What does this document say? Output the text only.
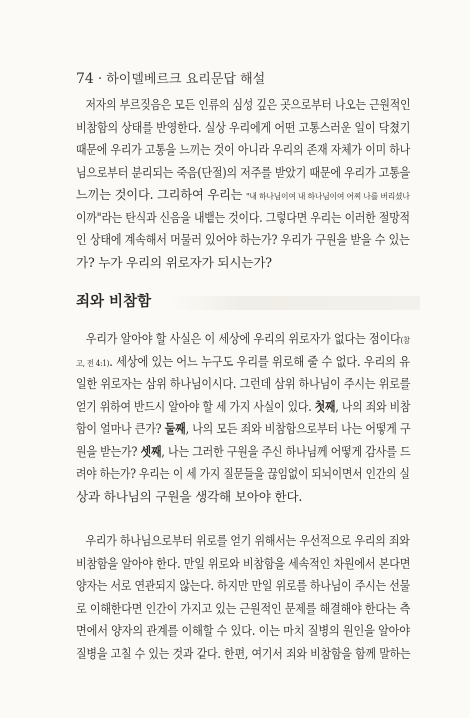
74 · 하이델베르크 요리문답 해설
저자의 부르짖음은 모든 인류의 심성 깊은 곳으로부터 나오는 근원적인
비참함의 상태를 반영한다. 실상 우리에게 어떤 고통스러운 일이 닥쳤기
때문에 우리가 고통을 느끼는 것이 아니라 우리의 존재 자체가 이미 하나
님으로부터 분리되는 죽음(단절)의 저주를 받았기 때문에 우리가 고통을
느끼는 것이다. 그리하여 우리는 "내 하나님이여 내 하나님이여 어찌 나를 버리셨나
이까"라는 탄식과 신음을 내뱉는 것이다. 그렇다면 우리는 이러한 절망적
인 상태에 계속해서 머물러 있어야 하는가? 우리가 구원을 받을 수 있는
가? 누가 우리의 위로자가 되시는가?
죄와 비참함
우리가 알아야 할 사실은 이 세상에 우리의 위로자가 없다는 점이다(참
고, 전 4:1). 세상에 있는 어느 누구도 우리를 위로해 줄 수 없다. 우리의 유
일한 위로자는 삼위 하나님이시다. 그런데 삼위 하나님이 주시는 위로를
얻기 위하여 반드시 알아야 할 세 가지 사실이 있다. 첫째, 나의 죄와 비참
함이 얼마나 큰가? 둘째, 나의 모든 죄와 비참함으로부터 나는 어떻게 구
원을 받는가? 셋째, 나는 그러한 구원을 주신 하나님께 어떻게 감사를 드
려야 하는가? 우리는 이 세 가지 질문들을 끊임없이 되뇌이면서 인간의 실
상과 하나님의 구원을 생각해 보아야 한다.
우리가 하나님으로부터 위로를 얻기 위해서는 우선적으로 우리의 죄와
비참함을 알아야 한다. 만일 위로와 비참함을 세속적인 차원에서 본다면
양자는 서로 연관되지 않는다. 하지만 만일 위로를 하나님이 주시는 선물
로 이해한다면 인간이 가지고 있는 근원적인 문제를 해결해야 한다는 측
면에서 양자의 관계를 이해할 수 있다. 이는 마치 질병의 원인을 알아야
질병을 고칠 수 있는 것과 같다. 한편, 여기서 죄와 비참함을 함께 말하는
